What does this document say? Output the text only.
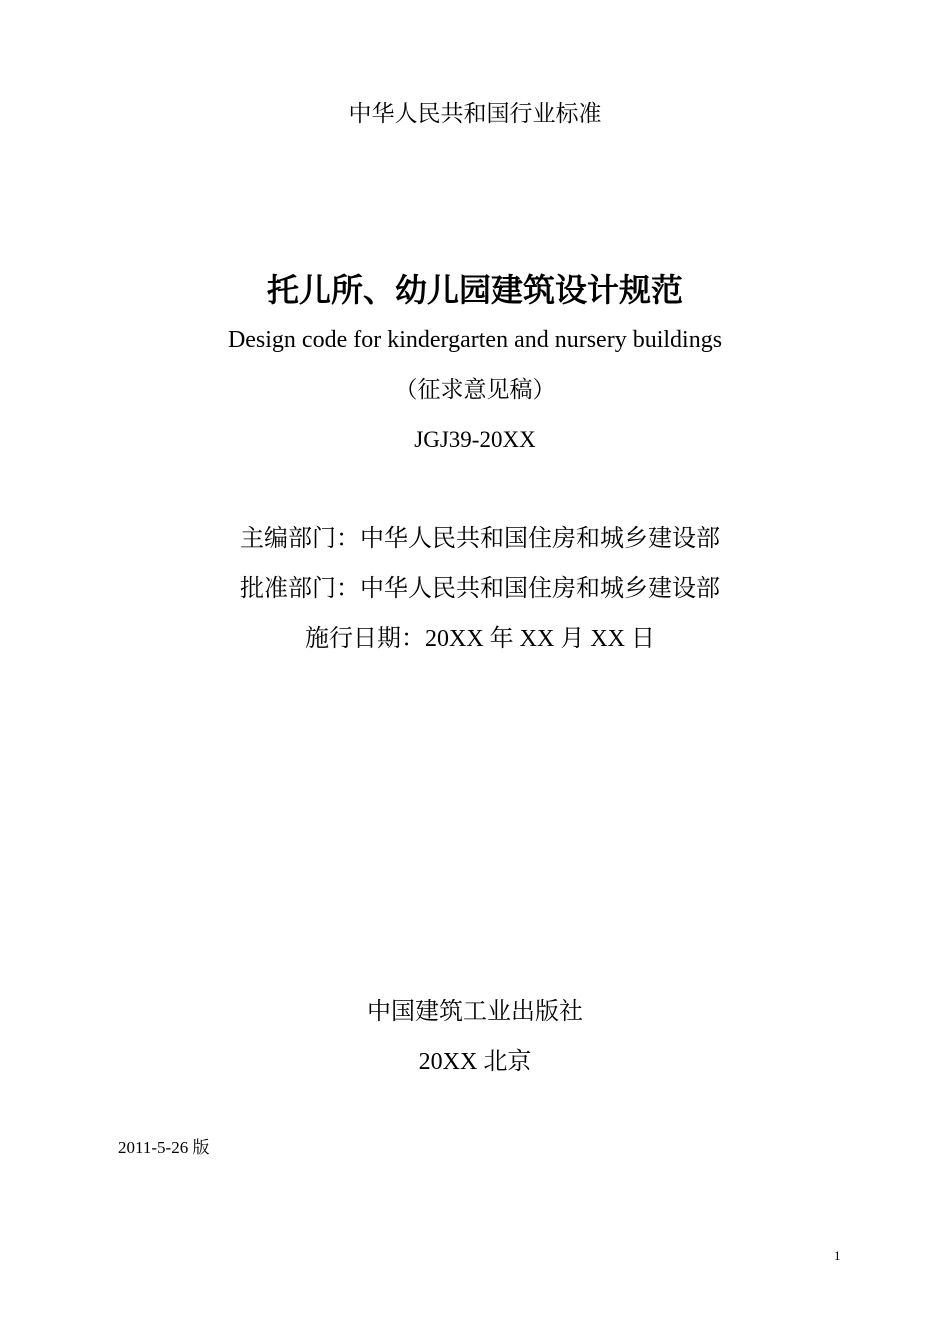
中华人民共和国行业标准
托儿所、幼儿园建筑设计规范
Design code for kindergarten and nursery buildings
（征求意见稿）
JGJ39-20XX
主编部门：中华人民共和国住房和城乡建设部
批准部门：中华人民共和国住房和城乡建设部
施行日期：20XX 年 XX 月 XX 日
中国建筑工业出版社
20XX 北京
2011-5-26 版
1
